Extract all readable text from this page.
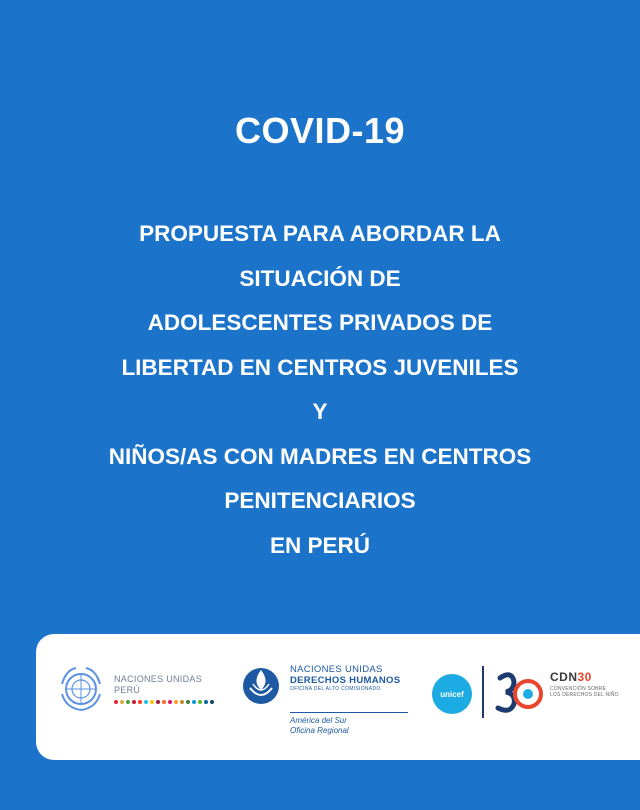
COVID-19
PROPUESTA PARA ABORDAR LA
SITUACIÓN DE
ADOLESCENTES PRIVADOS DE
LIBERTAD EN CENTROS JUVENILES
Y
NIÑOS/AS CON MADRES EN CENTROS
PENITENCIARIOS
EN PERÚ
NACIONES UNIDAS
PERÚ
NACIONES UNIDAS
DERECHOS HUMANOS
OFICINA DEL ALTO COMISIONADO
América del Sur
Oficina Regional
unicef
CDN30
CONVENCIÓN SOBRE
LOS DERECHOS DEL NIÑO
